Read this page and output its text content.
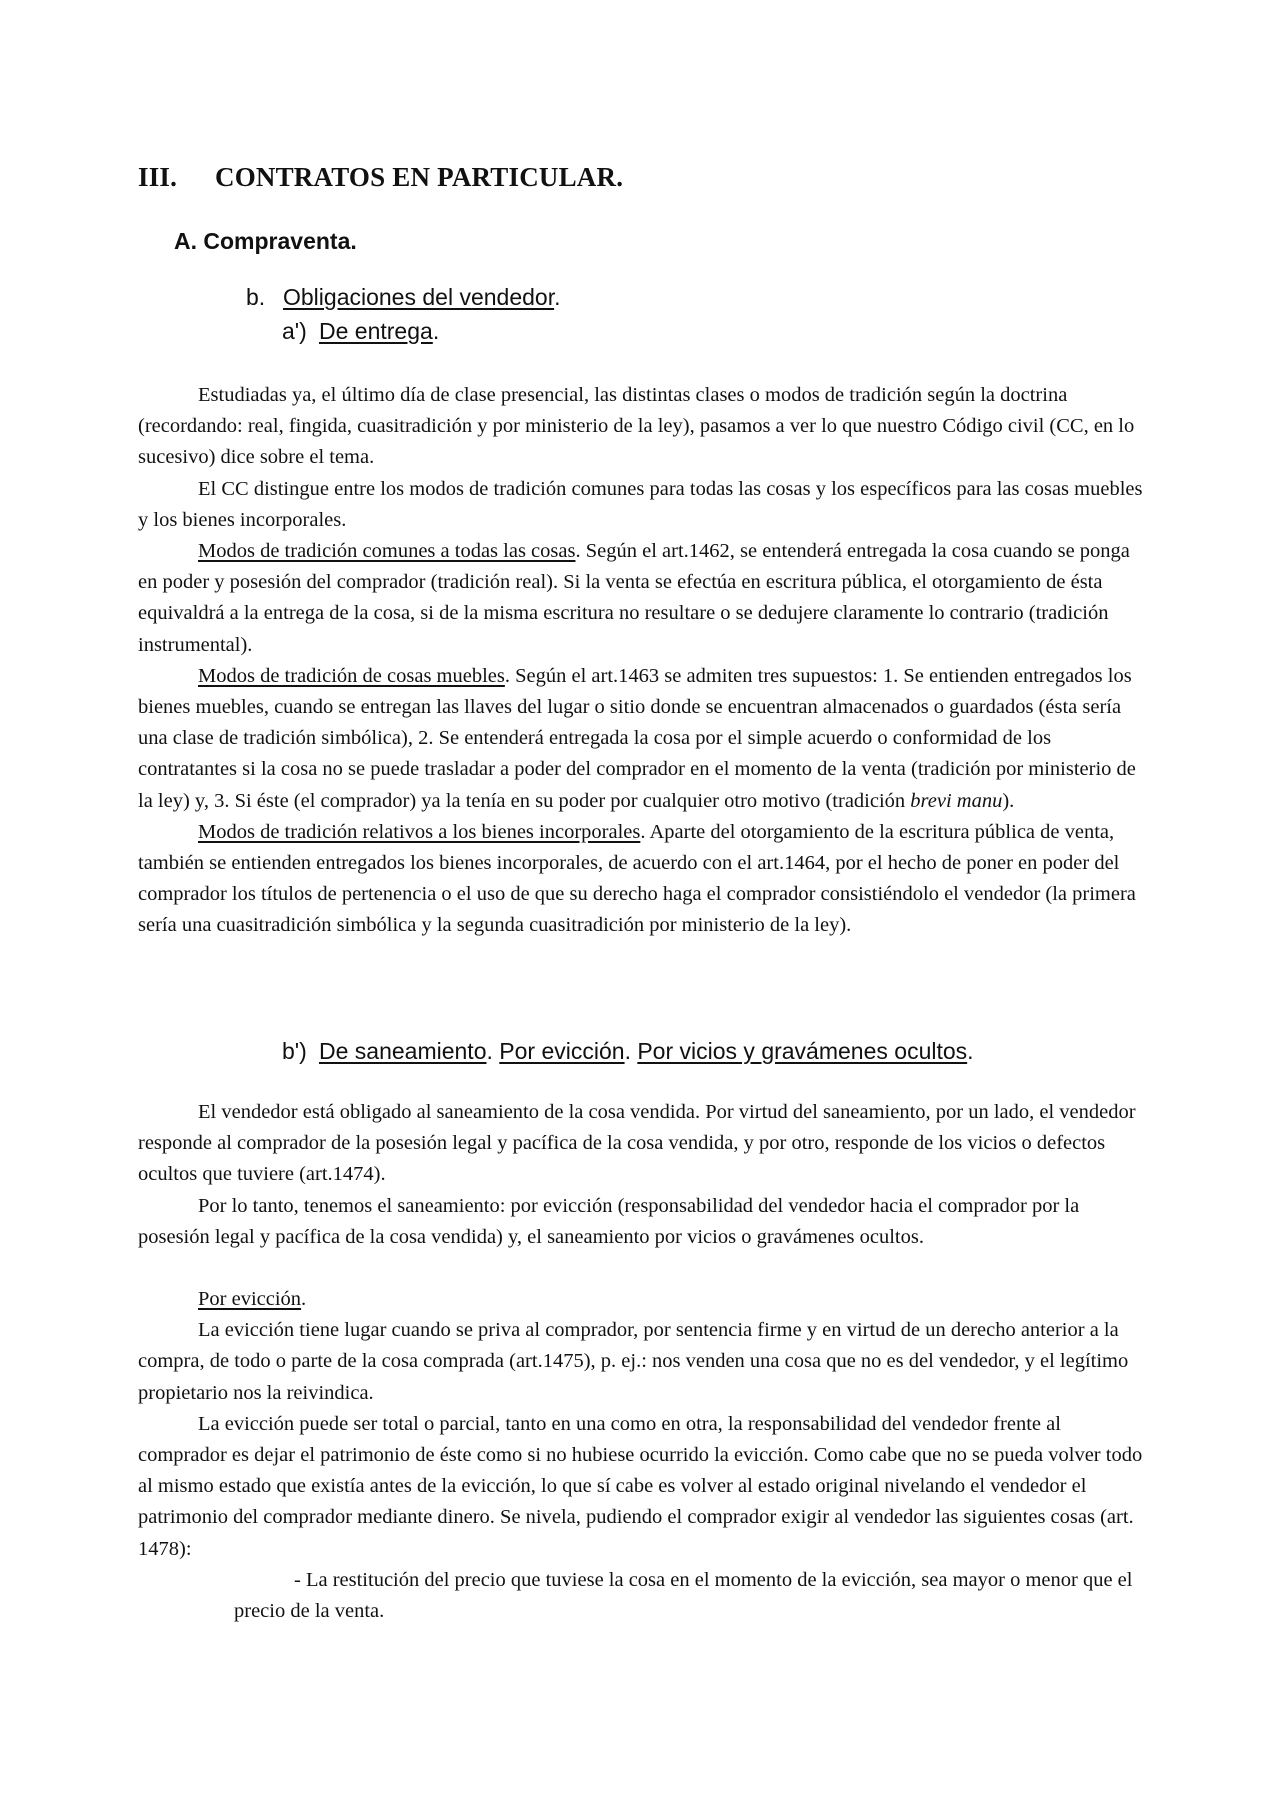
III. CONTRATOS EN PARTICULAR.
A. Compraventa.
b. Obligaciones del vendedor.
a') De entrega.

Estudiadas ya, el último día de clase presencial, las distintas clases o modos de tradición según la doctrina (recordando: real, fingida, cuasitradición y por ministerio de la ley), pasamos a ver lo que nuestro Código civil (CC, en lo sucesivo) dice sobre el tema.

El CC distingue entre los modos de tradición comunes para todas las cosas y los específicos para las cosas muebles y los bienes incorporales.

Modos de tradición comunes a todas las cosas. Según el art.1462, se entenderá entregada la cosa cuando se ponga en poder y posesión del comprador (tradición real). Si la venta se efectúa en escritura pública, el otorgamiento de ésta equivaldrá a la entrega de la cosa, si de la misma escritura no resultare o se dedujere claramente lo contrario (tradición instrumental).

Modos de tradición de cosas muebles. Según el art.1463 se admiten tres supuestos: 1. Se entienden entregados los bienes muebles, cuando se entregan las llaves del lugar o sitio donde se encuentran almacenados o guardados (ésta sería una clase de tradición simbólica), 2. Se entenderá entregada la cosa por el simple acuerdo o conformidad de los contratantes si la cosa no se puede trasladar a poder del comprador en el momento de la venta (tradición por ministerio de la ley) y, 3. Si éste (el comprador) ya la tenía en su poder por cualquier otro motivo (tradición brevi manu).

Modos de tradición relativos a los bienes incorporales. Aparte del otorgamiento de la escritura pública de venta, también se entienden entregados los bienes incorporales, de acuerdo con el art.1464, por el hecho de poner en poder del comprador los títulos de pertenencia o el uso de que su derecho haga el comprador consistiéndolo el vendedor (la primera sería una cuasitradición simbólica y la segunda cuasitradición por ministerio de la ley).

b') De saneamiento. Por evicción. Por vicios y gravámenes ocultos.

El vendedor está obligado al saneamiento de la cosa vendida. Por virtud del saneamiento, por un lado, el vendedor responde al comprador de la posesión legal y pacífica de la cosa vendida, y por otro, responde de los vicios o defectos ocultos que tuviere (art.1474).

Por lo tanto, tenemos el saneamiento: por evicción (responsabilidad del vendedor hacia el comprador por la posesión legal y pacífica de la cosa vendida) y, el saneamiento por vicios o gravámenes ocultos.

Por evicción.

La evicción tiene lugar cuando se priva al comprador, por sentencia firme y en virtud de un derecho anterior a la compra, de todo o parte de la cosa comprada (art.1475), p. ej.: nos venden una cosa que no es del vendedor, y el legítimo propietario nos la reivindica.

La evicción puede ser total o parcial, tanto en una como en otra, la responsabilidad del vendedor frente al comprador es dejar el patrimonio de éste como si no hubiese ocurrido la evicción. Como cabe que no se pueda volver todo al mismo estado que existía antes de la evicción, lo que sí cabe es volver al estado original nivelando el vendedor el patrimonio del comprador mediante dinero. Se nivela, pudiendo el comprador exigir al vendedor las siguientes cosas (art. 1478):

- La restitución del precio que tuviese la cosa en el momento de la evicción, sea mayor o menor que el precio de la venta.
